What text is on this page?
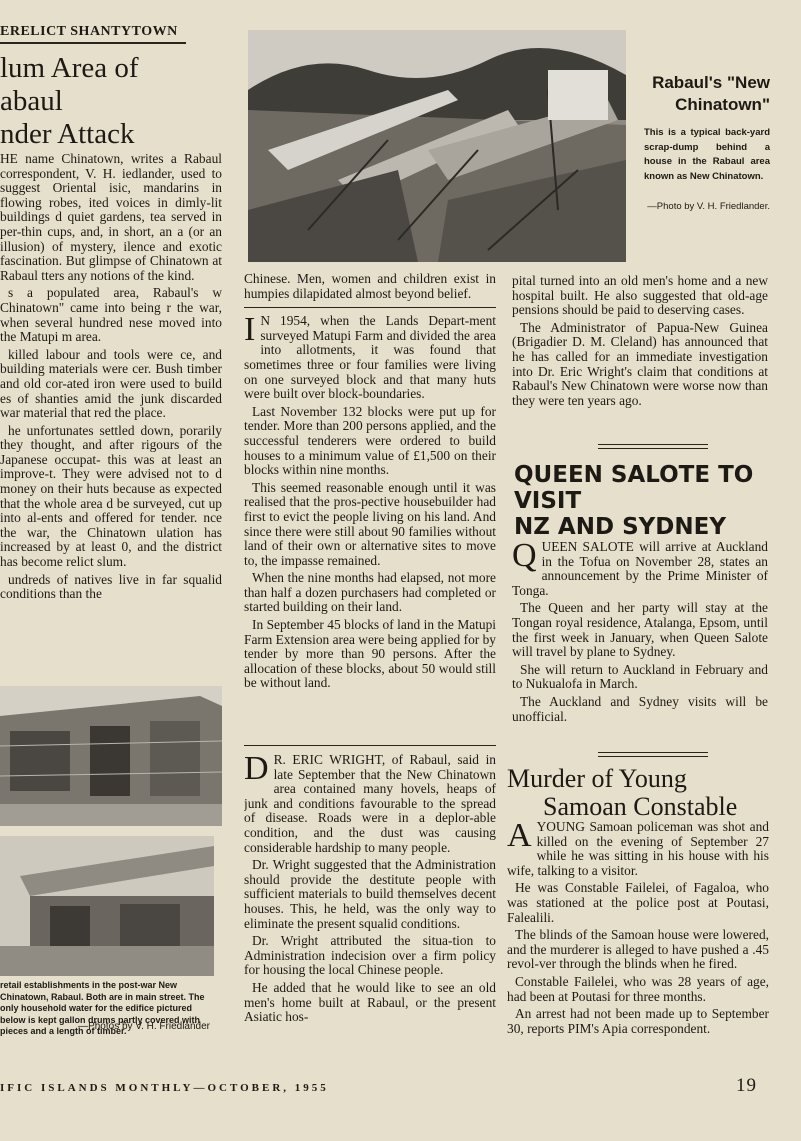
ERELICT SHANTYTOWN
lum Area of
abaul
nder Attack

HE name Chinatown, writes a Rabaul correspondent, V. H. iedlander, used to suggest Oriental isic, mandarins in flowing robes, ited voices in dimly-lit buildings d quiet gardens, tea served in per-thin cups, and, in short, an a (or an illusion) of mystery, ilence and exotic fascination. But glimpse of Chinatown at Rabaul tters any notions of the kind.

s a populated area, Rabaul's w Chinatown" came into being r the war, when several hundred nese moved into the Matupi m area.

killed labour and tools were ce, and building materials were cer. Bush timber and old cor-ated iron were used to build es of shanties amid the junk discarded war material that red the place.

he unfortunates settled down, porarily they thought, and after rigours of the Japanese occupat- this was at least an improve-t. They were advised not to d money on their huts because as expected that the whole area d be surveyed, cut up into al-ents and offered for tender. nce the war, the Chinatown ulation has increased by at least 0, and the district has become relict slum.

undreds of natives live in far squalid conditions than the

Rabaul's "New Chinatown"
This is a typical back-yard scrap-dump behind a house in the Rabaul area known as New Chinatown.
—Photo by V. H. Friedlander.

Chinese. Men, women and children exist in humpies dilapidated almost beyond belief.

I N 1954, when the Lands Depart-ment surveyed Matupi Farm and divided the area into allotments, it was found that sometimes three or four families were living on one surveyed block and that many huts were built over block-boundaries.

Last November 132 blocks were put up for tender. More than 200 persons applied, and the successful tenderers were ordered to build houses to a minimum value of £1,500 on their blocks within nine months.

This seemed reasonable enough until it was realised that the pros-pective housebuilder had first to evict the people living on his land. And since there were still about 90 families without land of their own or alternative sites to move to, the impasse remained.

When the nine months had elapsed, not more than half a dozen purchasers had completed or started building on their land.

In September 45 blocks of land in the Matupi Farm Extension area were being applied for by tender by more than 90 persons. After the allocation of these blocks, about 50 would still be without land.

D R. ERIC WRIGHT, of Rabaul, said in late September that the New Chinatown area contained many hovels, heaps of junk and conditions favourable to the spread of disease. Roads were in a deplor-able condition, and the dust was causing considerable hardship to many people.

Dr. Wright suggested that the Administration should provide the destitute people with sufficient materials to build themselves decent houses. This, he held, was the only way to eliminate the present squalid conditions.

Dr. Wright attributed the situa-tion to Administration indecision over a firm policy for housing the local Chinese people.

He added that he would like to see an old men's home built at Rabaul, or the present Asiatic hos-

pital turned into an old men's home and a new hospital built. He also suggested that old-age pensions should be paid to deserving cases.

The Administrator of Papua-New Guinea (Brigadier D. M. Cleland) has announced that he has called for an immediate investigation into Dr. Eric Wright's claim that conditions at Rabaul's New Chinatown were worse now than they were ten years ago.

QUEEN SALOTE TO
VISIT
NZ AND SYDNEY

QUEEN SALOTE will arrive at Auckland in the Tofua on November 28, states an announcement by the Prime Minister of Tonga.

The Queen and her party will stay at the Tongan royal residence, Atalanga, Epsom, until the first week in January, when Queen Salote will travel by plane to Sydney.

She will return to Auckland in February and to Nukualofa in March.

The Auckland and Sydney visits will be unofficial.

Murder of Young
Samoan Constable

AYOUNG Samoan policeman was shot and killed on the evening of September 27 while he was sitting in his house with his wife, talking to a visitor.

He was Constable Failelei, of Fagaloa, who was stationed at the police post at Poutasi, Falealili.

The blinds of the Samoan house were lowered, and the murderer is alleged to have pushed a .45 revol-ver through the blinds when he fired.

Constable Failelei, who was 28 years of age, had been at Poutasi for three months.

An arrest had not been made up to September 30, reports PIM's Apia correspondent.

retail establishments in the post-war New Chinatown, Rabaul. Both are in main street. The only household water for the edifice pictured below is kept gallon drums partly covered with pieces and a length of timber.
—Photos by V. H. Friedlander
IFIC ISLANDS MONTHLY—OCTOBER, 1955	19
